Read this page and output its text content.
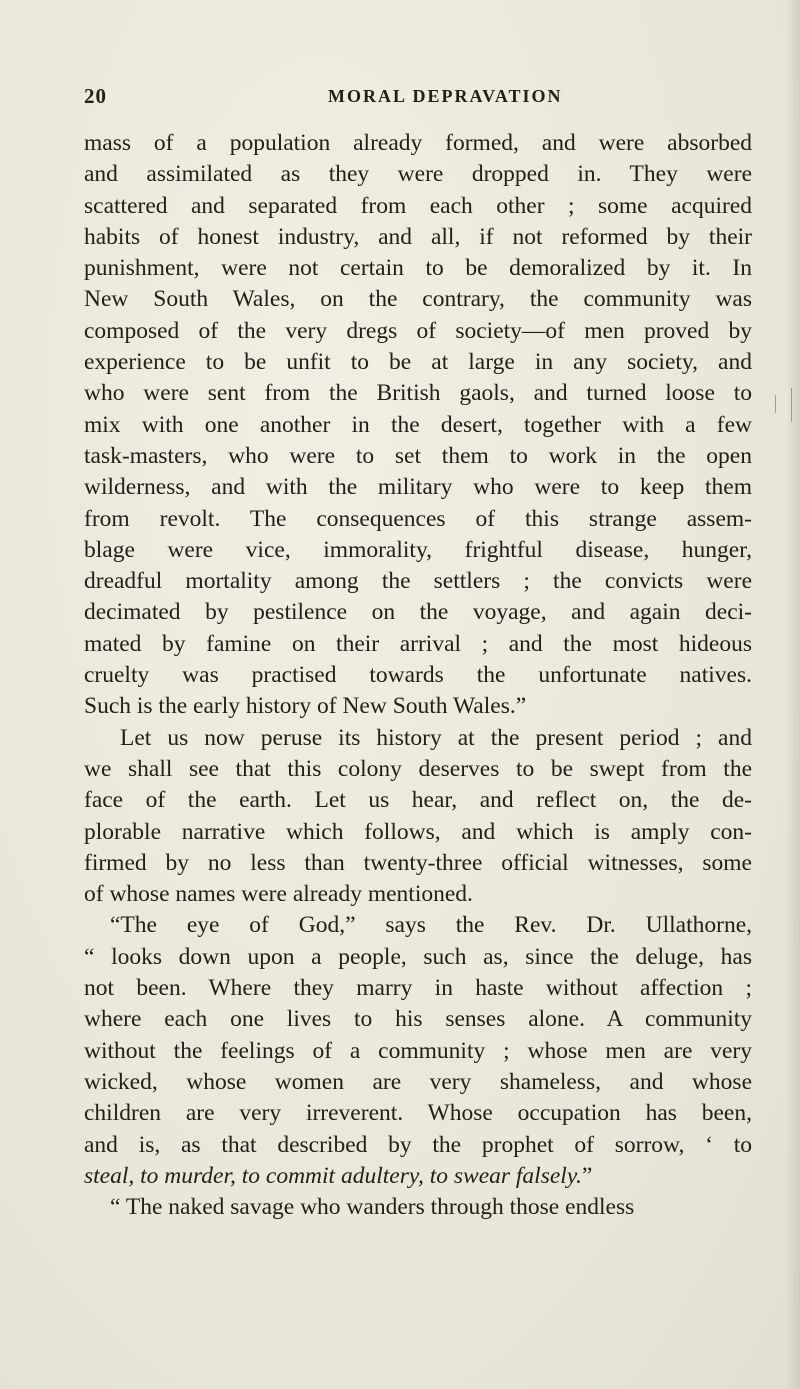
20	MORAL DEPRAVATION
mass of a population already formed, and were absorbed
and assimilated as they were dropped in. They were
scattered and separated from each other ; some acquired
habits of honest industry, and all, if not reformed by their
punishment, were not certain to be demoralized by it. In
New South Wales, on the contrary, the community was
composed of the very dregs of society—of men proved by
experience to be unfit to be at large in any society, and
who were sent from the British gaols, and turned loose to
mix with one another in the desert, together with a few
task-masters, who were to set them to work in the open
wilderness, and with the military who were to keep them
from revolt. The consequences of this strange assem-
blage were vice, immorality, frightful disease, hunger,
dreadful mortality among the settlers ; the convicts were
decimated by pestilence on the voyage, and again deci-
mated by famine on their arrival ; and the most hideous
cruelty was practised towards the unfortunate natives.
Such is the early history of New South Wales.”
Let us now peruse its history at the present period ; and
we shall see that this colony deserves to be swept from the
face of the earth. Let us hear, and reflect on, the de-
plorable narrative which follows, and which is amply con-
firmed by no less than twenty-three official witnesses, some
of whose names were already mentioned.
“The eye of God,” says the Rev. Dr. Ullathorne,
“ looks down upon a people, such as, since the deluge, has
not been. Where they marry in haste without affection ;
where each one lives to his senses alone. A community
without the feelings of a community ; whose men are very
wicked, whose women are very shameless, and whose
children are very irreverent. Whose occupation has been,
and is, as that described by the prophet of sorrow, ‘ to
steal, to murder, to commit adultery, to swear falsely.”
“ The naked savage who wanders through those endless
